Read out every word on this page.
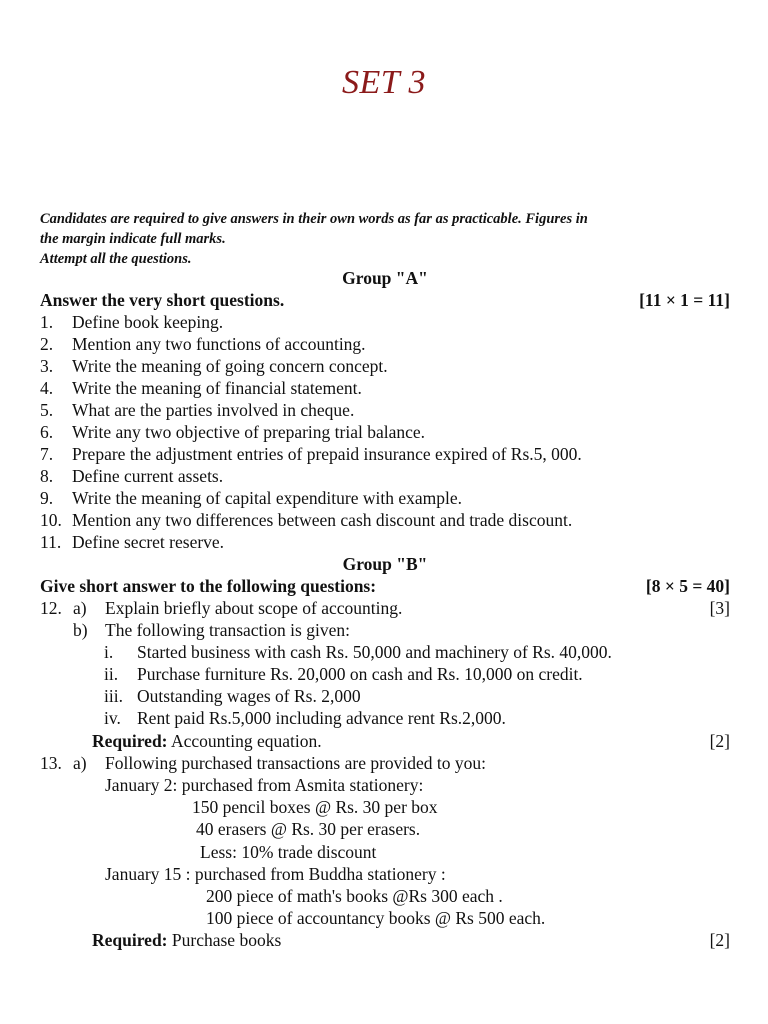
SET 3
Candidates are required to give answers in their own words as far as practicable. Figures in
the margin indicate full marks.
Attempt all the questions.
Group "A"
Answer the very short questions.	[11 × 1 = 11]
1. Define book keeping.
2. Mention any two functions of accounting.
3. Write the meaning of going concern concept.
4. Write the meaning of financial statement.
5. What are the parties involved in cheque.
6. Write any two objective of preparing trial balance.
7. Prepare the adjustment entries of prepaid insurance expired of Rs.5, 000.
8. Define current assets.
9. Write the meaning of capital expenditure with example.
10. Mention any two differences between cash discount and trade discount.
11. Define secret reserve.
Group "B"
Give short answer to the following questions:	[8 × 5 = 40]
12. a) Explain briefly about scope of accounting.	[3]
b) The following transaction is given:
i. Started business with cash Rs. 50,000 and machinery of Rs. 40,000.
ii. Purchase furniture Rs. 20,000 on cash and Rs. 10,000 on credit.
iii. Outstanding wages of Rs. 2,000
iv. Rent paid Rs.5,000 including advance rent Rs.2,000.
Required: Accounting equation.	[2]
13. a) Following purchased transactions are provided to you:
January 2: purchased from Asmita stationery:
150 pencil boxes @ Rs. 30 per box
40 erasers @ Rs. 30 per erasers.
Less: 10% trade discount
January 15 : purchased from Buddha stationery :
200 piece of math's books @Rs 300 each .
100 piece of accountancy books @ Rs 500 each.
Required: Purchase books	[2]
